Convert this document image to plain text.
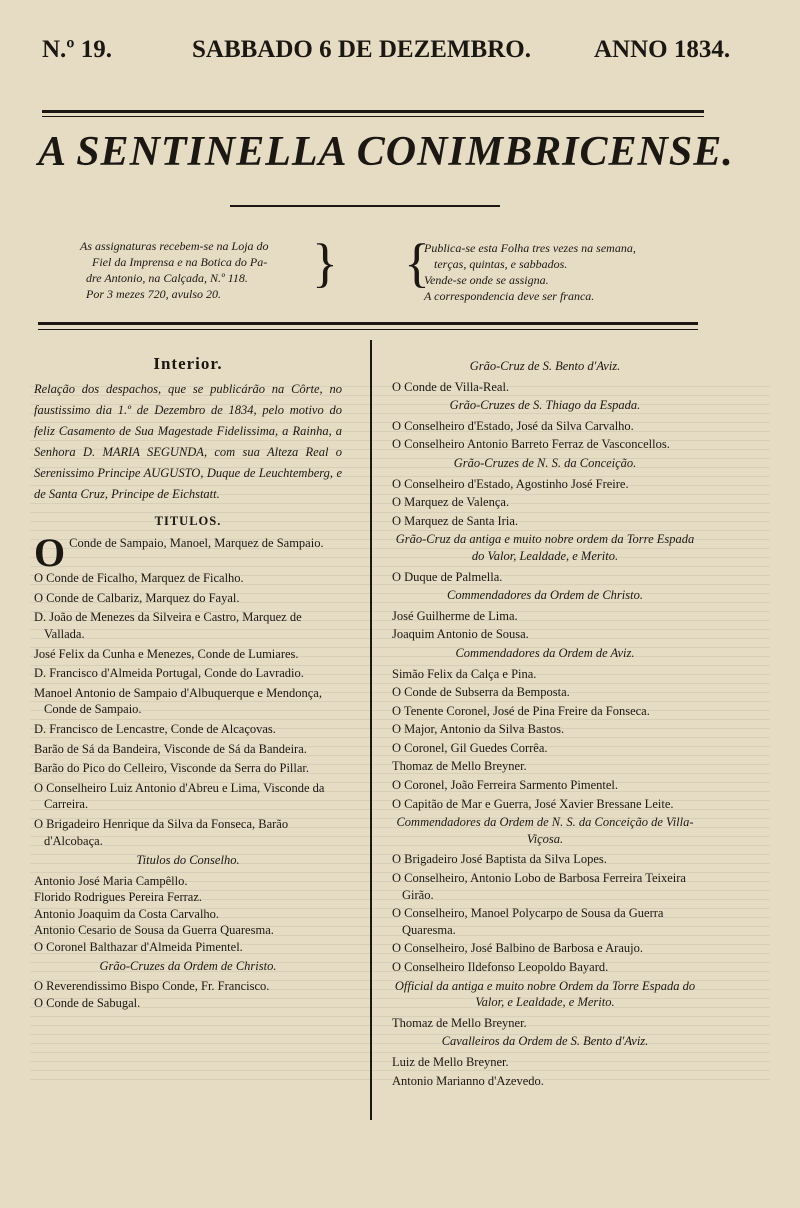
N.º 19.	SABBADO 6 DE DEZEMBRO.	ANNO 1834.
A SENTINELLA CONIMBRICENSE.
As assignaturas recebem-se na Loja do
Fiel da Imprensa e na Botica do Pa-
dre Antonio, na Calçada, N.º 118.
Por 3 mezes 720, avulso 20.
} {
Publica-se esta Folha tres vezes na semana,
terças, quintas, e sabbados.
Vende-se onde se assigna.
A correspondencia deve ser franca.
Interior.
Relação dos despachos, que se publicárão na Côrte, no faustissimo dia 1.º de Dezembro de 1834, pelo motivo do feliz Casamento de Sua Magestade Fidelissima, a Rainha, a Senhora D. MARIA SEGUNDA, com sua Alteza Real o Serenissimo Principe AUGUSTO, Duque de Leuchtemberg, e de Santa Cruz, Principe de Eichstatt.
TITULOS.
O Conde de Sampaio, Manoel, Marquez de Sampaio.
O Conde de Ficalho, Marquez de Ficalho.
O Conde de Calbariz, Marquez do Fayal.
D. João de Menezes da Silveira e Castro, Marquez de Vallada.
José Felix da Cunha e Menezes, Conde de Lumiares.
D. Francisco d'Almeida Portugal, Conde do Lavradio.
Manoel Antonio de Sampaio d'Albuquerque e Mendonça, Conde de Sampaio.
D. Francisco de Lencastre, Conde de Alcaçovas.
Barão de Sá da Bandeira, Visconde de Sá da Bandeira.
Barão do Pico do Celleiro, Visconde da Serra do Pillar.
O Conselheiro Luiz Antonio d'Abreu e Lima, Visconde da Carreira.
O Brigadeiro Henrique da Silva da Fonseca, Barão d'Alcobaça.
Titulos do Conselho.
Antonio José Maria Campêllo.
Florido Rodrigues Pereira Ferraz.
Antonio Joaquim da Costa Carvalho.
Antonio Cesario de Sousa da Guerra Quaresma.
O Coronel Balthazar d'Almeida Pimentel.
Grão-Cruzes da Ordem de Christo.
O Reverendissimo Bispo Conde, Fr. Francisco.
O Conde de Sabugal.
Grão-Cruz de S. Bento d'Aviz.
O Conde de Villa-Real.
Grão-Cruzes de S. Thiago da Espada.
O Conselheiro d'Estado, José da Silva Carvalho.
O Conselheiro Antonio Barreto Ferraz de Vasconcellos.
Grão-Cruzes de N. S. da Conceição.
O Conselheiro d'Estado, Agostinho José Freire.
O Marquez de Valença.
O Marquez de Santa Iria.
Grão-Cruz da antiga e muito nobre ordem da Torre Espada do Valor, Lealdade, e Merito.
O Duque de Palmella.
Commendadores da Ordem de Christo.
José Guilherme de Lima.
Joaquim Antonio de Sousa.
Commendadores da Ordem de Aviz.
Simão Felix da Calça e Pina.
O Conde de Subserra da Bemposta.
O Tenente Coronel, José de Pina Freire da Fonseca.
O Major, Antonio da Silva Bastos.
O Coronel, Gil Guedes Corrêa.
Thomaz de Mello Breyner.
O Coronel, João Ferreira Sarmento Pimentel.
O Capitão de Mar e Guerra, José Xavier Bressane Leite.
Commendadores da Ordem de N. S. da Conceição de Villa-Viçosa.
O Brigadeiro José Baptista da Silva Lopes.
O Conselheiro, Antonio Lobo de Barbosa Ferreira Teixeira Girão.
O Conselheiro, Manoel Polycarpo de Sousa da Guerra Quaresma.
O Conselheiro, José Balbino de Barbosa e Araujo.
O Conselheiro Ildefonso Leopoldo Bayard.
Official da antiga e muito nobre Ordem da Torre Espada do Valor, e Lealdade, e Merito.
Thomaz de Mello Breyner.
Cavalleiros da Ordem de S. Bento d'Aviz.
Luiz de Mello Breyner.
Antonio Marianno d'Azevedo.
